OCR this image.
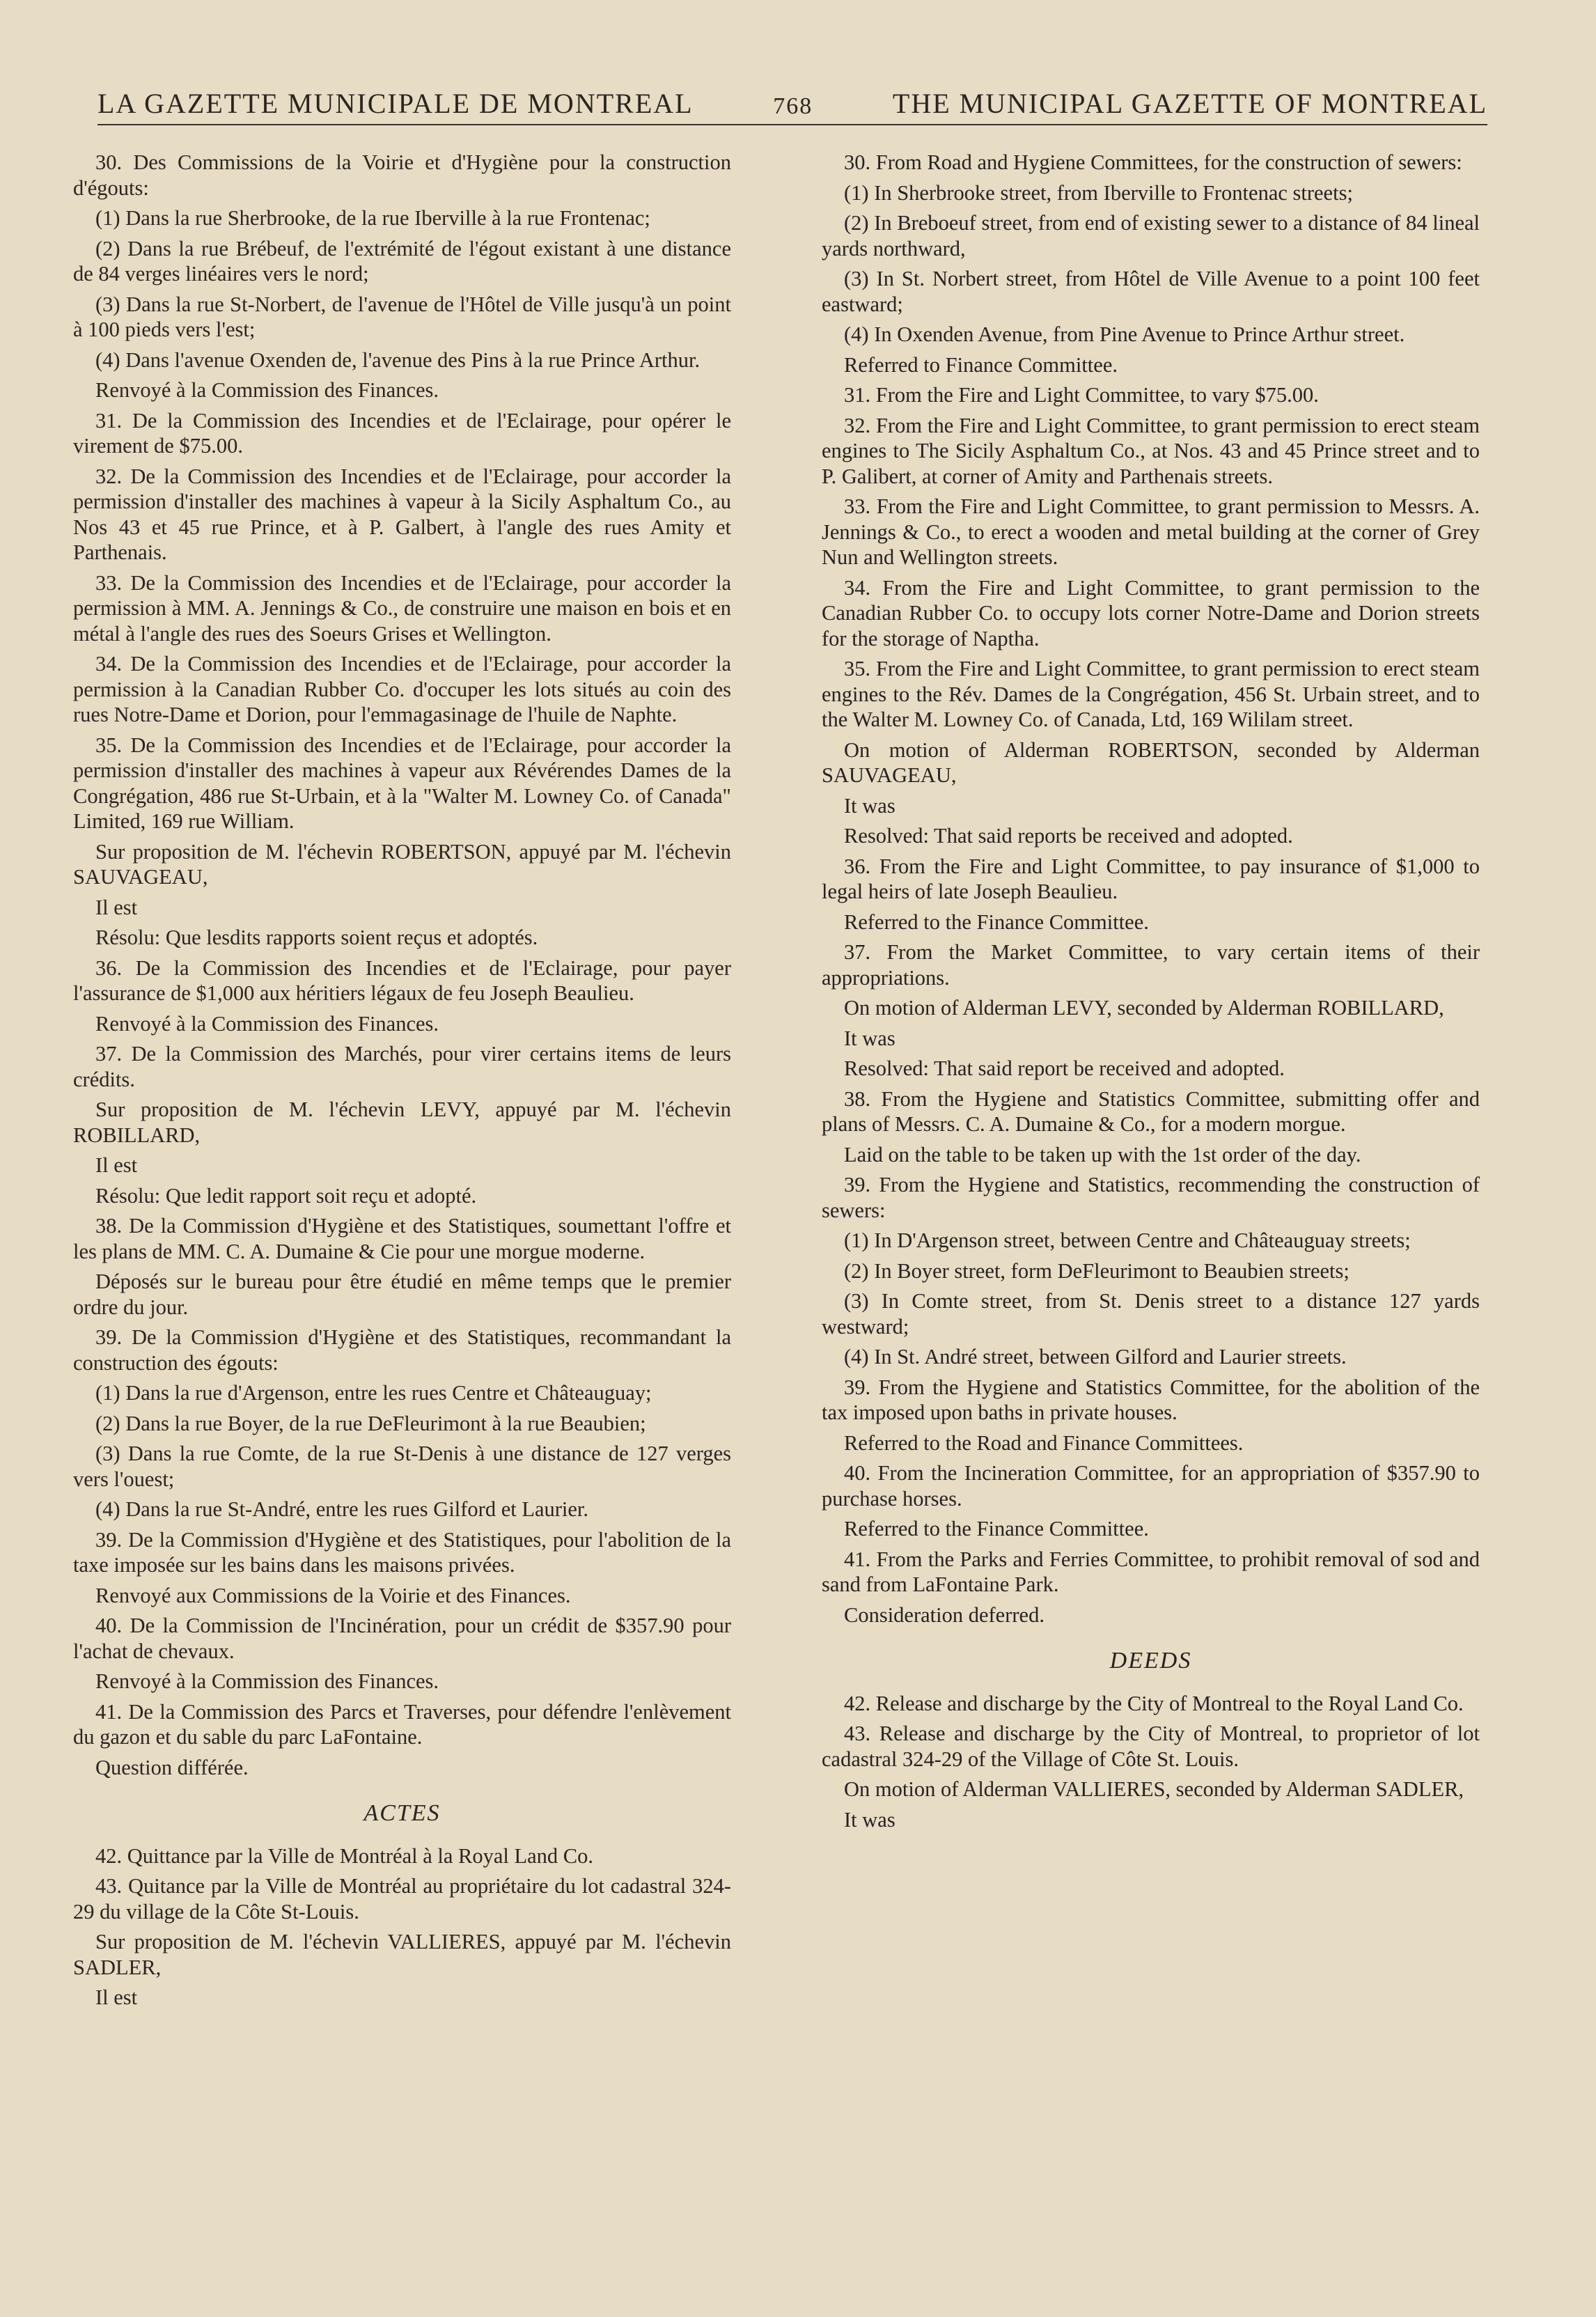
LA GAZETTE MUNICIPALE DE MONTREAL	768	THE MUNICIPAL GAZETTE OF MONTREAL

30. Des Commissions de la Voirie et d'Hygiène pour la construction d'égouts:

(1) Dans la rue Sherbrooke, de la rue Iberville à la rue Frontenac;

(2) Dans la rue Brébeuf, de l'extrémité de l'égout existant à une distance de 84 verges linéaires vers le nord;

(3) Dans la rue St-Norbert, de l'avenue de l'Hôtel de Ville jusqu'à un point à 100 pieds vers l'est;

(4) Dans l'avenue Oxenden de, l'avenue des Pins à la rue Prince Arthur.

Renvoyé à la Commission des Finances.

31. De la Commission des Incendies et de l'Eclairage, pour opérer le virement de $75.00.

32. De la Commission des Incendies et de l'Eclairage, pour accorder la permission d'installer des machines à vapeur à la Sicily Asphaltum Co., au Nos 43 et 45 rue Prince, et à P. Galbert, à l'angle des rues Amity et Parthenais.

33. De la Commission des Incendies et de l'Eclairage, pour accorder la permission à MM. A. Jennings & Co., de construire une maison en bois et en métal à l'angle des rues des Soeurs Grises et Wellington.

34. De la Commission des Incendies et de l'Eclairage, pour accorder la permission à la Canadian Rubber Co. d'occuper les lots situés au coin des rues Notre-Dame et Dorion, pour l'emmagasinage de l'huile de Naphte.

35. De la Commission des Incendies et de l'Eclairage, pour accorder la permission d'installer des machines à vapeur aux Révérendes Dames de la Congrégation, 486 rue St-Urbain, et à la "Walter M. Lowney Co. of Canada" Limited, 169 rue William.

Sur proposition de M. l'échevin ROBERTSON, appuyé par M. l'échevin SAUVAGEAU,

Il est

Résolu: Que lesdits rapports soient reçus et adoptés.

36. De la Commission des Incendies et de l'Eclairage, pour payer l'assurance de $1,000 aux héritiers légaux de feu Joseph Beaulieu.

Renvoyé à la Commission des Finances.

37. De la Commission des Marchés, pour virer certains items de leurs crédits.

Sur proposition de M. l'échevin LEVY, appuyé par M. l'échevin ROBILLARD,

Il est

Résolu: Que ledit rapport soit reçu et adopté.

38. De la Commission d'Hygiène et des Statistiques, soumettant l'offre et les plans de MM. C. A. Dumaine & Cie pour une morgue moderne.

Déposés sur le bureau pour être étudié en même temps que le premier ordre du jour.

39. De la Commission d'Hygiène et des Statistiques, recommandant la construction des égouts:

(1) Dans la rue d'Argenson, entre les rues Centre et Châteauguay;

(2) Dans la rue Boyer, de la rue DeFleurimont à la rue Beaubien;

(3) Dans la rue Comte, de la rue St-Denis à une distance de 127 verges vers l'ouest;

(4) Dans la rue St-André, entre les rues Gilford et Laurier.

39. De la Commission d'Hygiène et des Statistiques, pour l'abolition de la taxe imposée sur les bains dans les maisons privées.

Renvoyé aux Commissions de la Voirie et des Finances.

40. De la Commission de l'Incinération, pour un crédit de $357.90 pour l'achat de chevaux.

Renvoyé à la Commission des Finances.

41. De la Commission des Parcs et Traverses, pour défendre l'enlèvement du gazon et du sable du parc LaFontaine.

Question différée.

ACTES

42. Quittance par la Ville de Montréal à la Royal Land Co.

43. Quitance par la Ville de Montréal au propriétaire du lot cadastral 324-29 du village de la Côte St-Louis.

Sur proposition de M. l'échevin VALLIERES, appuyé par M. l'échevin SADLER,

Il est

30. From Road and Hygiene Committees, for the construction of sewers:

(1) In Sherbrooke street, from Iberville to Frontenac streets;

(2) In Breboeuf street, from end of existing sewer to a distance of 84 lineal yards northward,

(3) In St. Norbert street, from Hôtel de Ville Avenue to a point 100 feet eastward;

(4) In Oxenden Avenue, from Pine Avenue to Prince Arthur street.

Referred to Finance Committee.

31. From the Fire and Light Committee, to vary $75.00.

32. From the Fire and Light Committee, to grant permission to erect steam engines to The Sicily Asphaltum Co., at Nos. 43 and 45 Prince street and to P. Galibert, at corner of Amity and Parthenais streets.

33. From the Fire and Light Committee, to grant permission to Messrs. A. Jennings & Co., to erect a wooden and metal building at the corner of Grey Nun and Wellington streets.

34. From the Fire and Light Committee, to grant permission to the Canadian Rubber Co. to occupy lots corner Notre-Dame and Dorion streets for the storage of Naptha.

35. From the Fire and Light Committee, to grant permission to erect steam engines to the Rév. Dames de la Congrégation, 456 St. Urbain street, and to the Walter M. Lowney Co. of Canada, Ltd, 169 Wililam street.

On motion of Alderman ROBERTSON, seconded by Alderman SAUVAGEAU,

It was

Resolved: That said reports be received and adopted.

36. From the Fire and Light Committee, to pay insurance of $1,000 to legal heirs of late Joseph Beaulieu.

Referred to the Finance Committee.

37. From the Market Committee, to vary certain items of their appropriations.

On motion of Alderman LEVY, seconded by Alderman ROBILLARD,

It was

Resolved: That said report be received and adopted.

38. From the Hygiene and Statistics Committee, submitting offer and plans of Messrs. C. A. Dumaine & Co., for a modern morgue.

Laid on the table to be taken up with the 1st order of the day.

39. From the Hygiene and Statistics, recommending the construction of sewers:

(1) In D'Argenson street, between Centre and Châteauguay streets;

(2) In Boyer street, form DeFleurimont to Beaubien streets;

(3) In Comte street, from St. Denis street to a distance 127 yards westward;

(4) In St. André street, between Gilford and Laurier streets.

39. From the Hygiene and Statistics Committee, for the abolition of the tax imposed upon baths in private houses.

Referred to the Road and Finance Committees.

40. From the Incineration Committee, for an appropriation of $357.90 to purchase horses.

Referred to the Finance Committee.

41. From the Parks and Ferries Committee, to prohibit removal of sod and sand from LaFontaine Park.

Consideration deferred.

DEEDS

42. Release and discharge by the City of Montreal to the Royal Land Co.

43. Release and discharge by the City of Montreal, to proprietor of lot cadastral 324-29 of the Village of Côte St. Louis.

On motion of Alderman VALLIERES, seconded by Alderman SADLER,

It was
